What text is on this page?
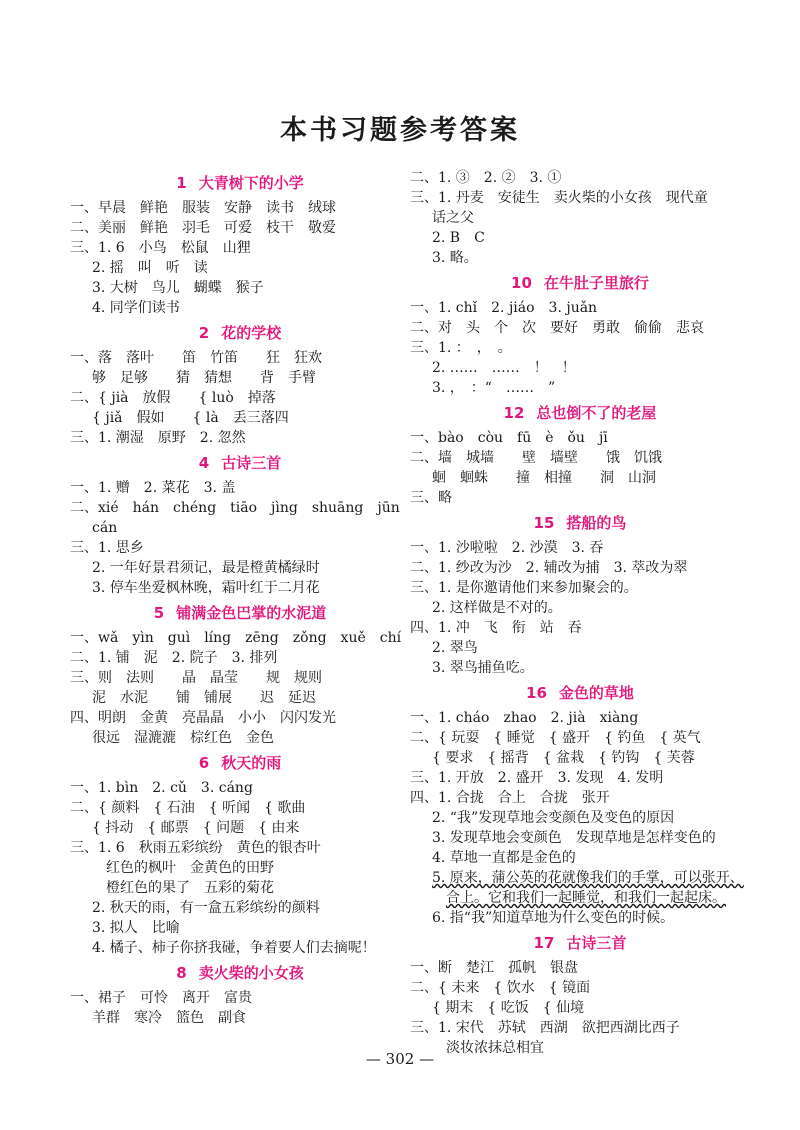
本书习题参考答案
1 大青树下的小学
一、早晨　鲜艳　服装　安静　读书　绒球
二、美丽　鲜艳　羽毛　可爱　枝干　敬爱
三、1. 6　小鸟　松鼠　山狸
2. 摇　叫　听　读
3. 大树　鸟儿　蝴蝶　猴子
4. 同学们读书
2 花的学校
一、落　落叶　　笛　竹笛　　狂　狂欢
够　足够　　猜　猜想　　背　手臂
二、{ jià　放假　　{ luò　掉落
{ jiǎ　假如　　{ là　丢三落四
三、1. 潮湿　原野　2. 忽然
4 古诗三首
一、1. 赠　2. 菜花　3. 盖
二、xié　hán　chéng　tiāo　jìng　shuāng　jūn
cán
三、1. 思乡
2. 一年好景君须记，最是橙黄橘绿时
3. 停车坐爱枫林晚，霜叶红于二月花
5 铺满金色巴掌的水泥道
一、wǎ　yìn　guì　líng　zēng　zǒng　xuě　chí
二、1. 铺　泥　2. 院子　3. 排列
三、则　法则　　晶　晶莹　　规　规则
泥　水泥　　铺　铺展　　迟　延迟
四、明朗　金黄　亮晶晶　小小　闪闪发光
很远　湿漉漉　棕红色　金色
6 秋天的雨
一、1. bìn　2. cǔ　3. cáng
二、{ 颜料　{ 石油　{ 听闻　{ 歌曲
{ 抖动　{ 邮票　{ 问题　{ 由来
三、1. 6　秋雨五彩缤纷　黄色的银杏叶
红色的枫叶　金黄色的田野
橙红色的果了　五彩的菊花
2. 秋天的雨，有一盒五彩缤纷的颜料
3. 拟人　比喻
4. 橘子、柿子你挤我碰，争着要人们去摘呢！
8 卖火柴的小女孩
一、裙子　可怜　离开　富贵
羊群　寒冷　篮色　副食
二、1. ③　2. ②　3. ①
三、1. 丹麦　安徒生　卖火柴的小女孩　现代童
话之父
2. B　C
3. 略。
10 在牛肚子里旅行
一、1. chǐ　2. jiáo　3. juǎn
二、对　头　个　次　要好　勇敢　偷偷　悲哀
三、1. ：　，　。
2. ……　……　！　！
3. ，　：“　……　”
12 总也倒不了的老屋
一、bào　còu　fū　è　ǒu　jī
二、墙　城墙　　壁　墙壁　　饿　饥饿
蛔　蛔蛛　　撞　相撞　　洞　山洞
三、略
15 搭船的鸟
一、1. 沙啦啦　2. 沙漠　3. 吞
二、1. 纱改为沙　2. 辅改为捕　3. 萃改为翠
三、1. 是你邀请他们来参加聚会的。
2. 这样做是不对的。
四、1. 冲　飞　衔　站　吞
2. 翠鸟
3. 翠鸟捕鱼吃。
16 金色的草地
一、1. cháo　zhao　2. jià　xiàng
二、{ 玩耍　{ 睡觉　{ 盛开　{ 钓鱼　{ 英气
{ 要求　{ 摇背　{ 盆栽　{ 钓钩　{ 芙蓉
三、1. 开放　2. 盛开　3. 发现　4. 发明
四、1. 合拢　合上　合拢　张开
2. “我”发现草地会变颜色及变色的原因
3. 发现草地会变颜色　发现草地是怎样变色的
4. 草地一直都是金色的
5. 原来，蒲公英的花就像我们的手掌，可以张开、
合上。它和我们一起睡觉，和我们一起起床。
6. 指“我”知道草地为什么变色的时候。
17 古诗三首
一、断　楚江　孤帆　银盘
二、{ 未来　{ 饮水　{ 镜面
{ 期末　{ 吃饭　{ 仙境
三、1. 宋代　苏轼　西湖　欲把西湖比西子
淡妆浓抹总相宜
— 302 —
